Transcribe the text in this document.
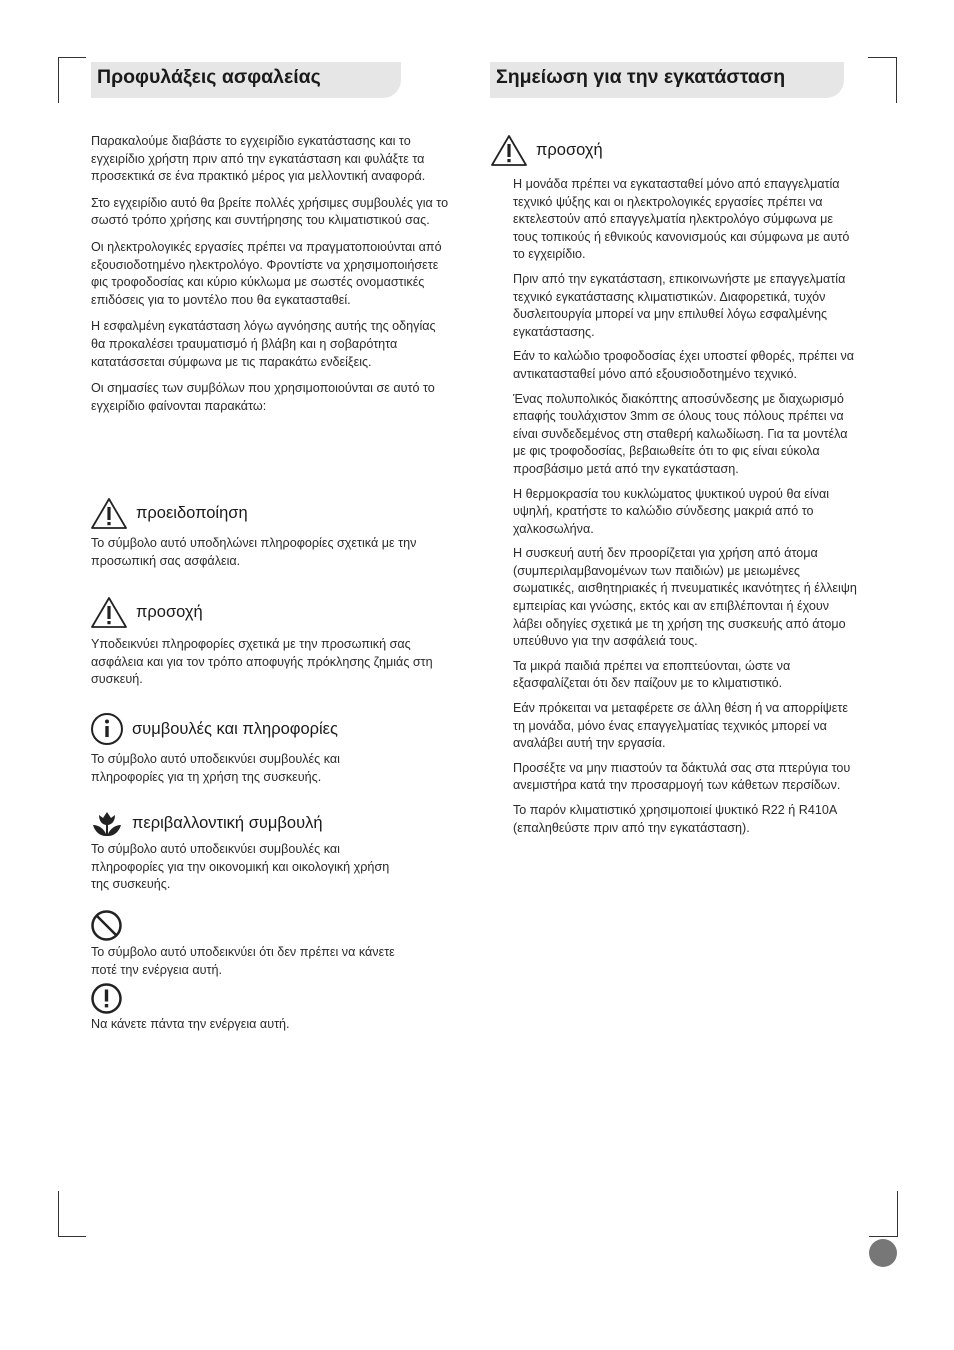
Προφυλάξεις ασφαλείας	Σημείωση για την εγκατάσταση

Παρακαλούμε διαβάστε το εγχειρίδιο εγκατάστασης και το εγχειρίδιο χρήστη πριν από την εγκατάσταση και φυλάξτε τα προσεκτικά σε ένα πρακτικό μέρος για μελλοντική αναφορά.

Στο εγχειρίδιο αυτό θα βρείτε πολλές χρήσιμες συμβουλές για το σωστό τρόπο χρήσης και συντήρησης του κλιματιστικού σας.

Οι ηλεκτρολογικές εργασίες πρέπει να πραγματοποιούνται από εξουσιοδοτημένο ηλεκτρολόγο. Φροντίστε να χρησιμοποιήσετε φις τροφοδοσίας και κύριο κύκλωμα με σωστές ονομαστικές επιδόσεις για το μοντέλο που θα εγκατασταθεί.

Η εσφαλμένη εγκατάσταση λόγω αγνόησης αυτής της οδηγίας θα προκαλέσει τραυματισμό ή βλάβη και η σοβαρότητα κατατάσσεται σύμφωνα με τις παρακάτω ενδείξεις.

Οι σημασίες των συμβόλων που χρησιμοποιούνται σε αυτό το εγχειρίδιο φαίνονται παρακάτω:

προειδοποίηση

Το σύμβολο αυτό υποδηλώνει πληροφορίες σχετικά με την προσωπική σας ασφάλεια.

προσοχή

Υποδεικνύει πληροφορίες σχετικά με την προσωπική σας ασφάλεια και για τον τρόπο αποφυγής πρόκλησης ζημιάς στη συσκευή.

συμβουλές και πληροφορίες

Το σύμβολο αυτό υποδεικνύει συμβουλές και πληροφορίες για τη χρήση της συσκευής.

περιβαλλοντική συμβουλή

Το σύμβολο αυτό υποδεικνύει συμβουλές και πληροφορίες για την οικονομική και οικολογική χρήση της συσκευής.

Το σύμβολο αυτό υποδεικνύει ότι δεν πρέπει να κάνετε ποτέ την ενέργεια αυτή.

Να κάνετε πάντα την ενέργεια αυτή.

προσοχή

Η μονάδα πρέπει να εγκατασταθεί μόνο από επαγγελματία τεχνικό ψύξης και οι ηλεκτρολογικές εργασίες πρέπει να εκτελεστούν από επαγγελματία ηλεκτρολόγο σύμφωνα με τους τοπικούς ή εθνικούς κανονισμούς και σύμφωνα με αυτό το εγχειρίδιο.

Πριν από την εγκατάσταση, επικοινωνήστε με επαγγελματία τεχνικό εγκατάστασης κλιματιστικών. Διαφορετικά, τυχόν δυσλειτουργία μπορεί να μην επιλυθεί λόγω εσφαλμένης εγκατάστασης.

Εάν το καλώδιο τροφοδοσίας έχει υποστεί φθορές, πρέπει να αντικατασταθεί μόνο από εξουσιοδοτημένο τεχνικό.

Ένας πολυπολικός διακόπτης αποσύνδεσης με διαχωρισμό επαφής τουλάχιστον 3mm σε όλους τους πόλους πρέπει να είναι συνδεδεμένος στη σταθερή καλωδίωση. Για τα μοντέλα με φις τροφοδοσίας, βεβαιωθείτε ότι το φις είναι εύκολα προσβάσιμο μετά από την εγκατάσταση.

Η θερμοκρασία του κυκλώματος ψυκτικού υγρού θα είναι υψηλή, κρατήστε το καλώδιο σύνδεσης μακριά από το χαλκοσωλήνα.

Η συσκευή αυτή δεν προορίζεται για χρήση από άτομα (συμπεριλαμβανομένων των παιδιών) με μειωμένες σωματικές, αισθητηριακές ή πνευματικές ικανότητες ή έλλειψη εμπειρίας και γνώσης, εκτός και αν επιβλέπονται ή έχουν λάβει οδηγίες σχετικά με τη χρήση της συσκευής από άτομο υπεύθυνο για την ασφάλειά τους.

Τα μικρά παιδιά πρέπει να εποπτεύονται, ώστε να εξασφαλίζεται ότι δεν παίζουν με το κλιματιστικό.

Εάν πρόκειται να μεταφέρετε σε άλλη θέση ή να απορρίψετε τη μονάδα, μόνο ένας επαγγελματίας τεχνικός μπορεί να αναλάβει αυτή την εργασία.

Προσέξτε να μην πιαστούν τα δάκτυλά σας στα πτερύγια του ανεμιστήρα κατά την προσαρμογή των κάθετων περσίδων.

Το παρόν κλιματιστικό χρησιμοποιεί ψυκτικό R22 ή R410A (επαληθεύστε πριν από την εγκατάσταση).
